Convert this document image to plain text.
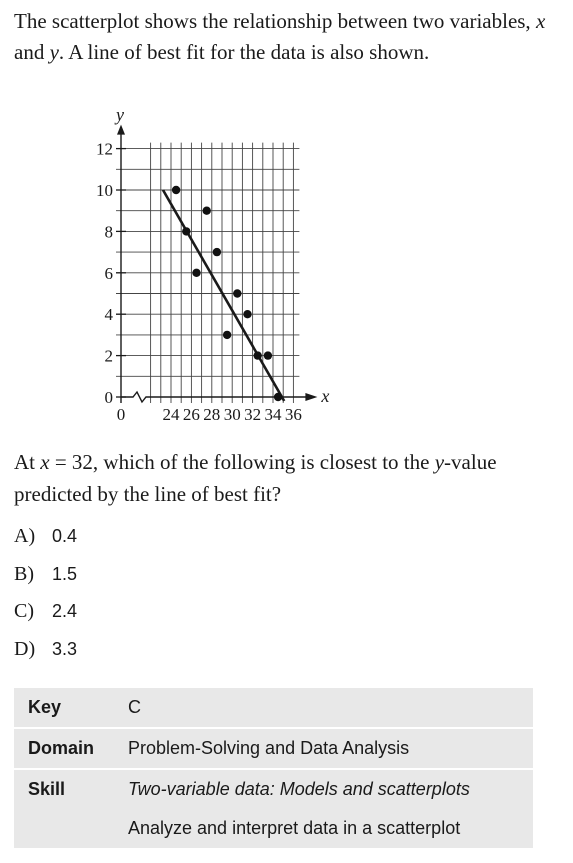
The scatterplot shows the relationship between two variables, x and y. A line of best fit for the data is also shown.
x
y
0
2
4
6
8
10
12
0 24 26 28 30 32 34 36
At x = 32, which of the following is closest to the y-value predicted by the line of best fit?
A) 0.4
B)	1.5
C)	2.4
D) 3.3
Key	C
Domain	Problem-Solving and Data Analysis
Skill	Two-variable data: Models and scatterplots
	Analyze and interpret data in a scatterplot
